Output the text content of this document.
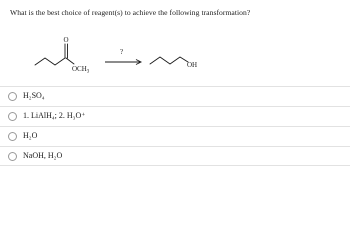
What is the best choice of reagent(s) to achieve the following transformation?
O
$OCH_3$
?
OH
H₂SO₄
1. LiAlH₄; 2. H₃O⁺
H₂O
NaOH, H₂O
